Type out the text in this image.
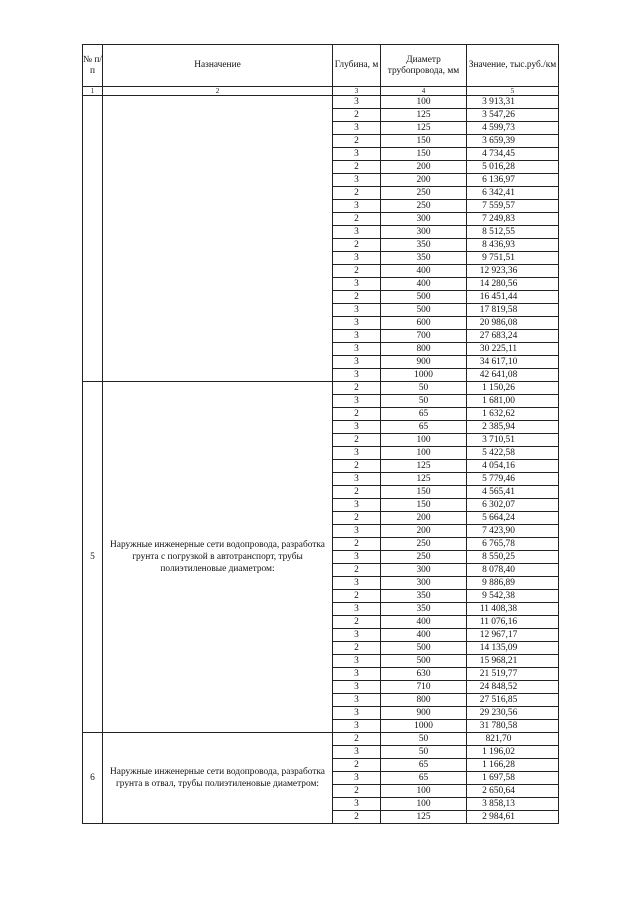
№ п/п	Назначение	Глубина, м	Диаметр трубопровода, мм	Значение, тыс.руб./км
1	2	3	4	5
		3	100	3 913,31
		2	125	3 547,26
		3	125	4 599,73
		2	150	3 659,39
		3	150	4 734,45
		2	200	5 016,28
		3	200	6 136,97
		2	250	6 342,41
		3	250	7 559,57
		2	300	7 249,83
		3	300	8 512,55
		2	350	8 436,93
		3	350	9 751,51
		2	400	12 923,36
		3	400	14 280,56
		2	500	16 451,44
		3	500	17 819,58
		3	600	20 986,08
		3	700	27 683,24
		3	800	30 225,11
		3	900	34 617,10
		3	1000	42 641,08
5	Наружные инженерные сети водопровода, разработка грунта с погрузкой в автотранспорт, трубы полиэтиленовые диаметром:	2	50	1 150,26
		3	50	1 681,00
		2	65	1 632,62
		3	65	2 385,94
		2	100	3 710,51
		3	100	5 422,58
		2	125	4 054,16
		3	125	5 779,46
		2	150	4 565,41
		3	150	6 302,07
		2	200	5 664,24
		3	200	7 423,90
		2	250	6 765,78
		3	250	8 550,25
		2	300	8 078,40
		3	300	9 886,89
		2	350	9 542,38
		3	350	11 408,38
		2	400	11 076,16
		3	400	12 967,17
		2	500	14 135,09
		3	500	15 968,21
		3	630	21 519,77
		3	710	24 848,52
		3	800	27 516,85
		3	900	29 230,56
		3	1000	31 780,58
6	Наружные инженерные сети водопровода, разработка грунта в отвал, трубы полиэтиленовые диаметром:	2	50	821,70
		3	50	1 196,02
		2	65	1 166,28
		3	65	1 697,58
		2	100	2 650,64
		3	100	3 858,13
		2	125	2 984,61
